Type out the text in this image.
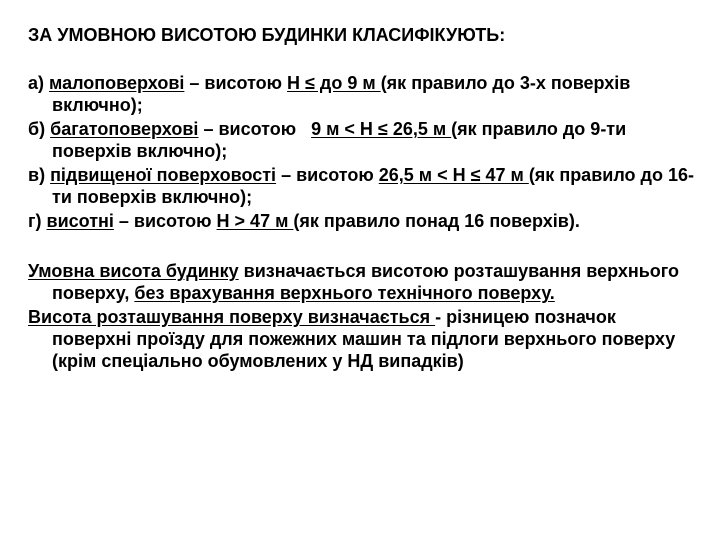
ЗА УМОВНОЮ ВИСОТОЮ БУДИНКИ КЛАСИФІКУЮТЬ:
а) малоповерхові – висотою Н ≤ до 9 м (як правило до 3-х поверхів включно);
б) багатоповерхові – висотою   9 м < Н ≤ 26,5 м (як правило до 9-ти поверхів включно);
в) підвищеної поверховості – висотою 26,5 м < Н ≤ 47 м (як правило до 16-ти поверхів включно);
г) висотні – висотою Н > 47 м (як правило понад 16 поверхів).
Умовна висота будинку визначається висотою розташування верхнього поверху, без врахування верхнього технічного поверху.
Висота розташування поверху визначається - різницею позначок поверхні проїзду для пожежних машин та підлоги верхнього поверху (крім спеціально обумовлених у НД випадків)
